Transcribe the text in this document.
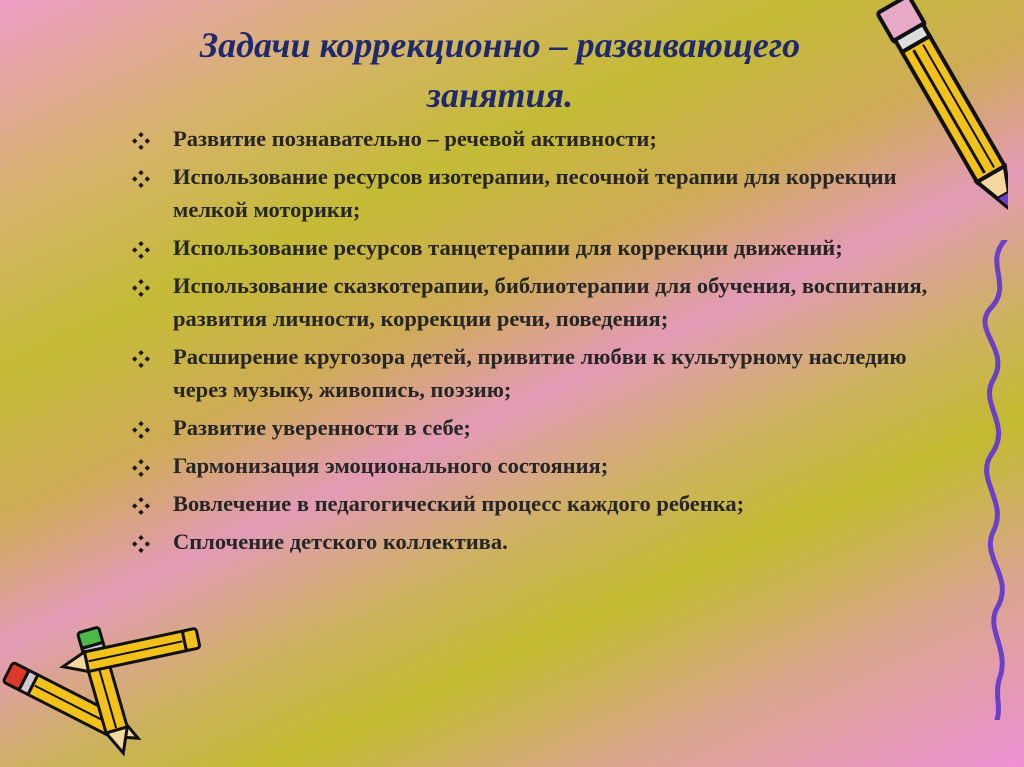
Задачи коррекционно – развивающего
занятия.
Развитие познавательно – речевой активности;
Использование ресурсов изотерапии, песочной терапии для коррекции мелкой моторики;
Использование ресурсов танцетерапии для коррекции движений;
Использование сказкотерапии, библиотерапии для обучения, воспитания, развития личности, коррекции речи, поведения;
Расширение кругозора детей, привитие любви к культурному наследию через музыку, живопись, поэзию;
Развитие уверенности в себе;
Гармонизация эмоционального состояния;
Вовлечение в педагогический процесс каждого ребенка;
Сплочение детского коллектива.
